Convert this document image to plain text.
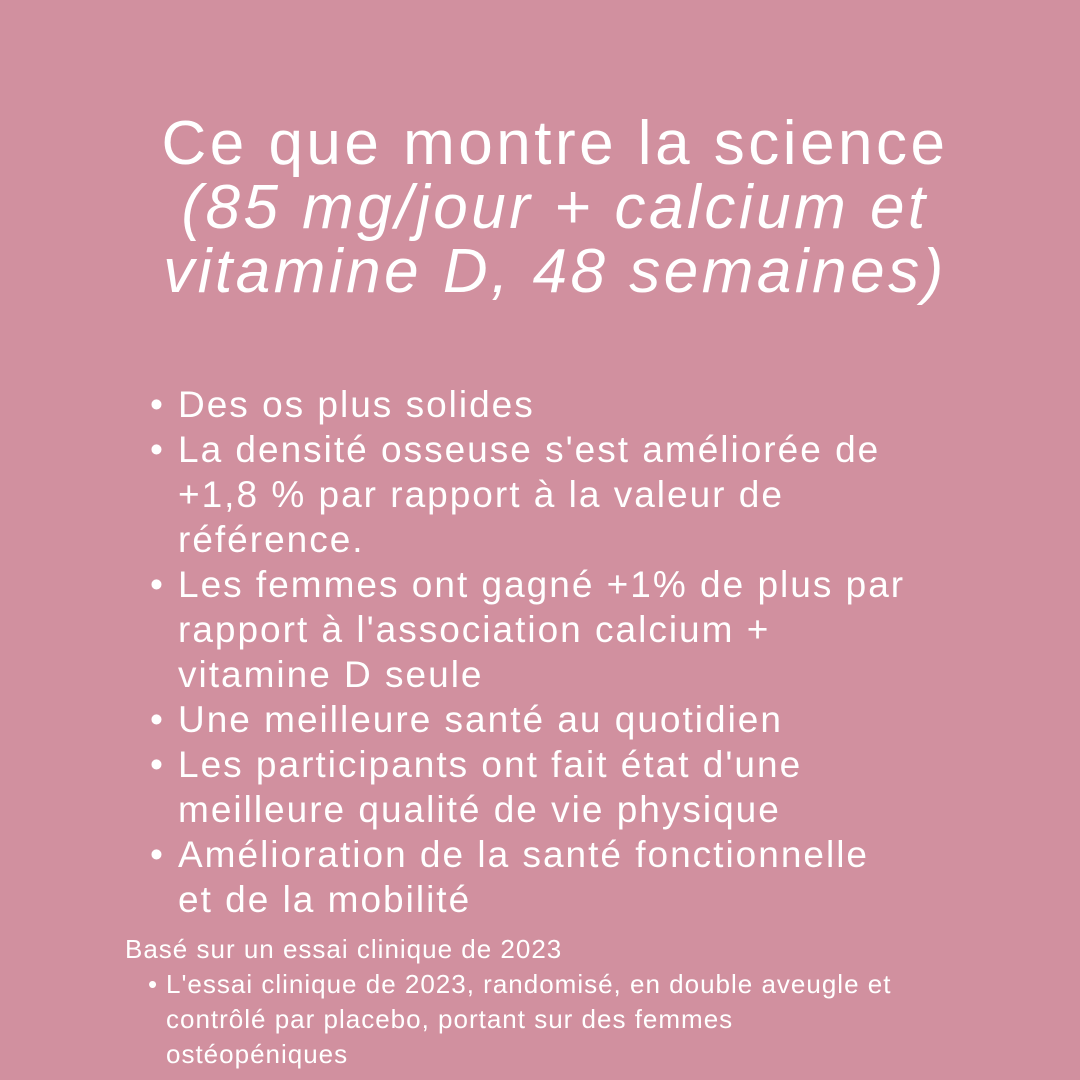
Ce que montre la science
(85 mg/jour + calcium et
vitamine D, 48 semaines)
• Des os plus solides
• La densité osseuse s'est améliorée de +1,8 % par rapport à la valeur de référence.
• Les femmes ont gagné +1% de plus par rapport à l'association calcium + vitamine D seule
• Une meilleure santé au quotidien
• Les participants ont fait état d'une meilleure qualité de vie physique
• Amélioration de la santé fonctionnelle et de la mobilité
Basé sur un essai clinique de 2023
• L'essai clinique de 2023, randomisé, en double aveugle et contrôlé par placebo, portant sur des femmes ostéopéniques
